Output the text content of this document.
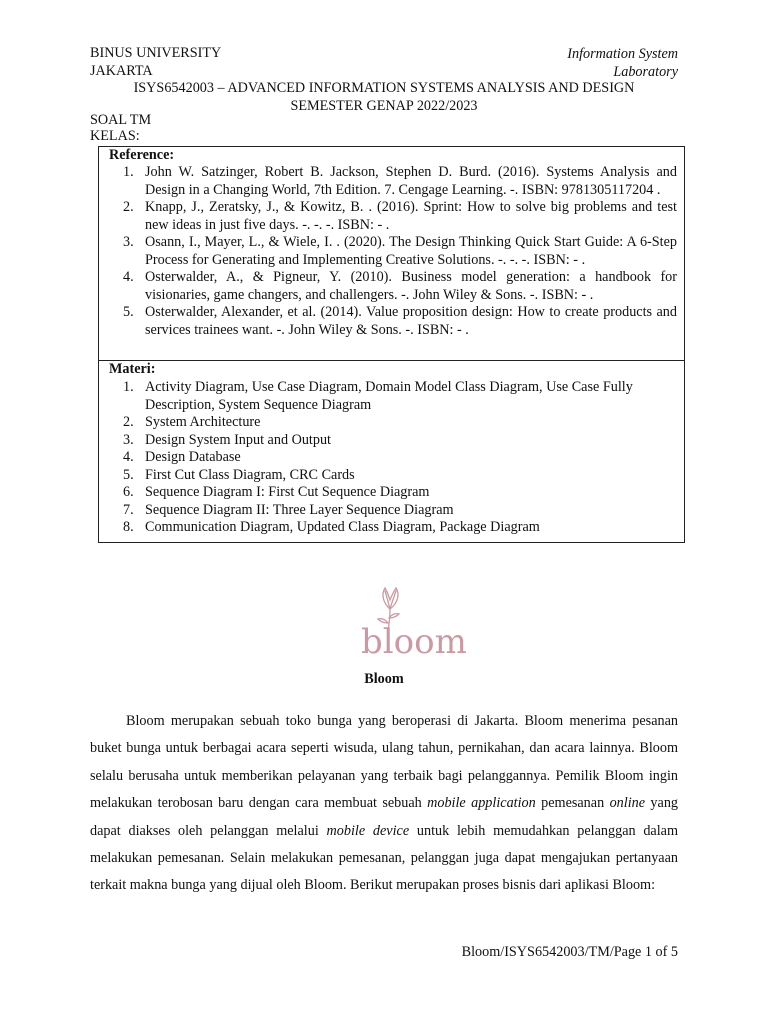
BINUS UNIVERSITY
JAKARTA
Information System
Laboratory
ISYS6542003 – ADVANCED INFORMATION SYSTEMS ANALYSIS AND DESIGN
SEMESTER GENAP 2022/2023
SOAL TM
KELAS:
Reference:
1. John W. Satzinger, Robert B. Jackson, Stephen D. Burd. (2016). Systems Analysis and Design in a Changing World, 7th Edition. 7. Cengage Learning. -. ISBN: 9781305117204 .
2. Knapp, J., Zeratsky, J., & Kowitz, B. . (2016). Sprint: How to solve big problems and test new ideas in just five days. -. -. -. ISBN: - .
3. Osann, I., Mayer, L., & Wiele, I. . (2020). The Design Thinking Quick Start Guide: A 6-Step Process for Generating and Implementing Creative Solutions. -. -. -. ISBN: - .
4. Osterwalder, A., & Pigneur, Y. (2010). Business model generation: a handbook for visionaries, game changers, and challengers. -. John Wiley & Sons. -. ISBN: - .
5. Osterwalder, Alexander, et al. (2014). Value proposition design: How to create products and services trainees want. -. John Wiley & Sons. -. ISBN: - .
Materi:
1. Activity Diagram, Use Case Diagram, Domain Model Class Diagram, Use Case Fully Description, System Sequence Diagram
2. System Architecture
3. Design System Input and Output
4. Design Database
5. First Cut Class Diagram, CRC Cards
6. Sequence Diagram I: First Cut Sequence Diagram
7. Sequence Diagram II: Three Layer Sequence Diagram
8. Communication Diagram, Updated Class Diagram, Package Diagram
bloom
Bloom

Bloom merupakan sebuah toko bunga yang beroperasi di Jakarta. Bloom menerima pesanan buket bunga untuk berbagai acara seperti wisuda, ulang tahun, pernikahan, dan acara lainnya. Bloom selalu berusaha untuk memberikan pelayanan yang terbaik bagi pelanggannya. Pemilik Bloom ingin melakukan terobosan baru dengan cara membuat sebuah mobile application pemesanan online yang dapat diakses oleh pelanggan melalui mobile device untuk lebih memudahkan pelanggan dalam melakukan pemesanan. Selain melakukan pemesanan, pelanggan juga dapat mengajukan pertanyaan terkait makna bunga yang dijual oleh Bloom. Berikut merupakan proses bisnis dari aplikasi Bloom:

Bloom/ISYS6542003/TM/Page 1 of 5
